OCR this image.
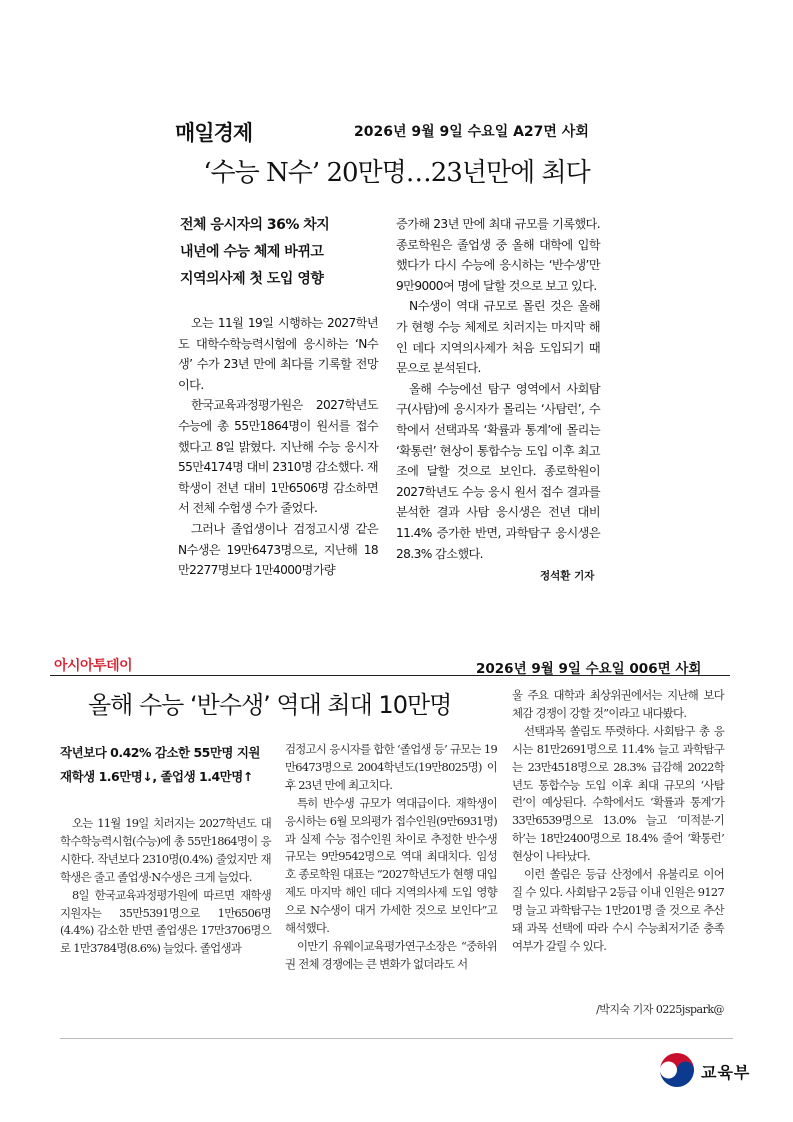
매일경제	2026년 9월 9일 수요일 A27면 사회
‘수능 N수’ 20만명…23년만에 최다
전체 응시자의 36% 차지
내년에 수능 체제 바뀌고
지역의사제 첫 도입 영향

오는 11월 19일 시행하는 2027학년도 대학수학능력시험에 응시하는 ‘N수생’ 수가 23년 만에 최다를 기록할 전망이다.

한국교육과정평가원은 2027학년도 수능에 총 55만1864명이 원서를 접수했다고 8일 밝혔다. 지난해 수능 응시자 55만4174명 대비 2310명 감소했다. 재학생이 전년 대비 1만6506명 감소하면서 전체 수험생 수가 줄었다.

그러나 졸업생이나 검정고시생 같은 N수생은 19만6473명으로, 지난해 18만2277명보다 1만4000명가량

증가해 23년 만에 최대 규모를 기록했다. 종로학원은 졸업생 중 올해 대학에 입학했다가 다시 수능에 응시하는 ‘반수생’만 9만9000여 명에 달할 것으로 보고 있다.

N수생이 역대 규모로 몰린 것은 올해가 현행 수능 체제로 치러지는 마지막 해인 데다 지역의사제가 처음 도입되기 때문으로 분석된다.

올해 수능에선 탐구 영역에서 사회탐구(사탐)에 응시자가 몰리는 ‘사탐런’, 수학에서 선택과목 ‘확률과 통계’에 몰리는 ‘확통런’ 현상이 통합수능 도입 이후 최고조에 달할 것으로 보인다. 종로학원이 2027학년도 수능 응시 원서 접수 결과를 분석한 결과 사탐 응시생은 전년 대비 11.4% 증가한 반면, 과학탐구 응시생은 28.3% 감소했다.

정석환 기자
아시아투데이	2026년 9월 9일 수요일 006면 사회
올해 수능 ‘반수생’ 역대 최대 10만명
작년보다 0.42% 감소한 55만명 지원
재학생 1.6만명↓, 졸업생 1.4만명↑

오는 11월 19일 치러지는 2027학년도 대학수학능력시험(수능)에 총 55만1864명이 응시한다. 작년보다 2310명(0.4%) 줄었지만 재학생은 줄고 졸업생·N수생은 크게 늘었다.

8일 한국교육과정평가원에 따르면 재학생 지원자는 35만5391명으로 1만6506명(4.4%) 감소한 반면 졸업생은 17만3706명으로 1만3784명(8.6%) 늘었다. 졸업생과

검정고시 응시자를 합한 ‘졸업생 등’ 규모는 19만6473명으로 2004학년도(19만8025명) 이후 23년 만에 최고치다.

특히 반수생 규모가 역대급이다. 재학생이 응시하는 6월 모의평가 접수인원(9만6931명)과 실제 수능 접수인원 차이로 추정한 반수생 규모는 9만9542명으로 역대 최대치다. 임성호 종로학원 대표는 “2027학년도가 현행 대입제도 마지막 해인 데다 지역의사제 도입 영향으로 N수생이 대거 가세한 것으로 보인다”고 해석했다.

이만기 유웨이교육평가연구소장은 “중하위권 전체 경쟁에는 큰 변화가 없더라도 서

울 주요 대학과 최상위권에서는 지난해 보다 체감 경쟁이 강할 것”이라고 내다봤다.

선택과목 쏠림도 뚜렷하다. 사회탐구 총 응시는 81만2691명으로 11.4% 늘고 과학탐구는 23만4518명으로 28.3% 급감해 2022학년도 통합수능 도입 이후 최대 규모의 ‘사탐런’이 예상된다. 수학에서도 ‘확률과 통계’가 33만6539명으로 13.0% 늘고 ‘미적분·기하’는 18만2400명으로 18.4% 줄어 ‘확통런’ 현상이 나타났다.

이런 쏠림은 등급 산정에서 유불리로 이어질 수 있다. 사회탐구 2등급 이내 인원은 9127명 늘고 과학탐구는 1만201명 줄 것으로 추산돼 과목 선택에 따라 수시 수능최저기준 충족 여부가 갈릴 수 있다.

/박지숙 기자 0225jspark@
교육부
